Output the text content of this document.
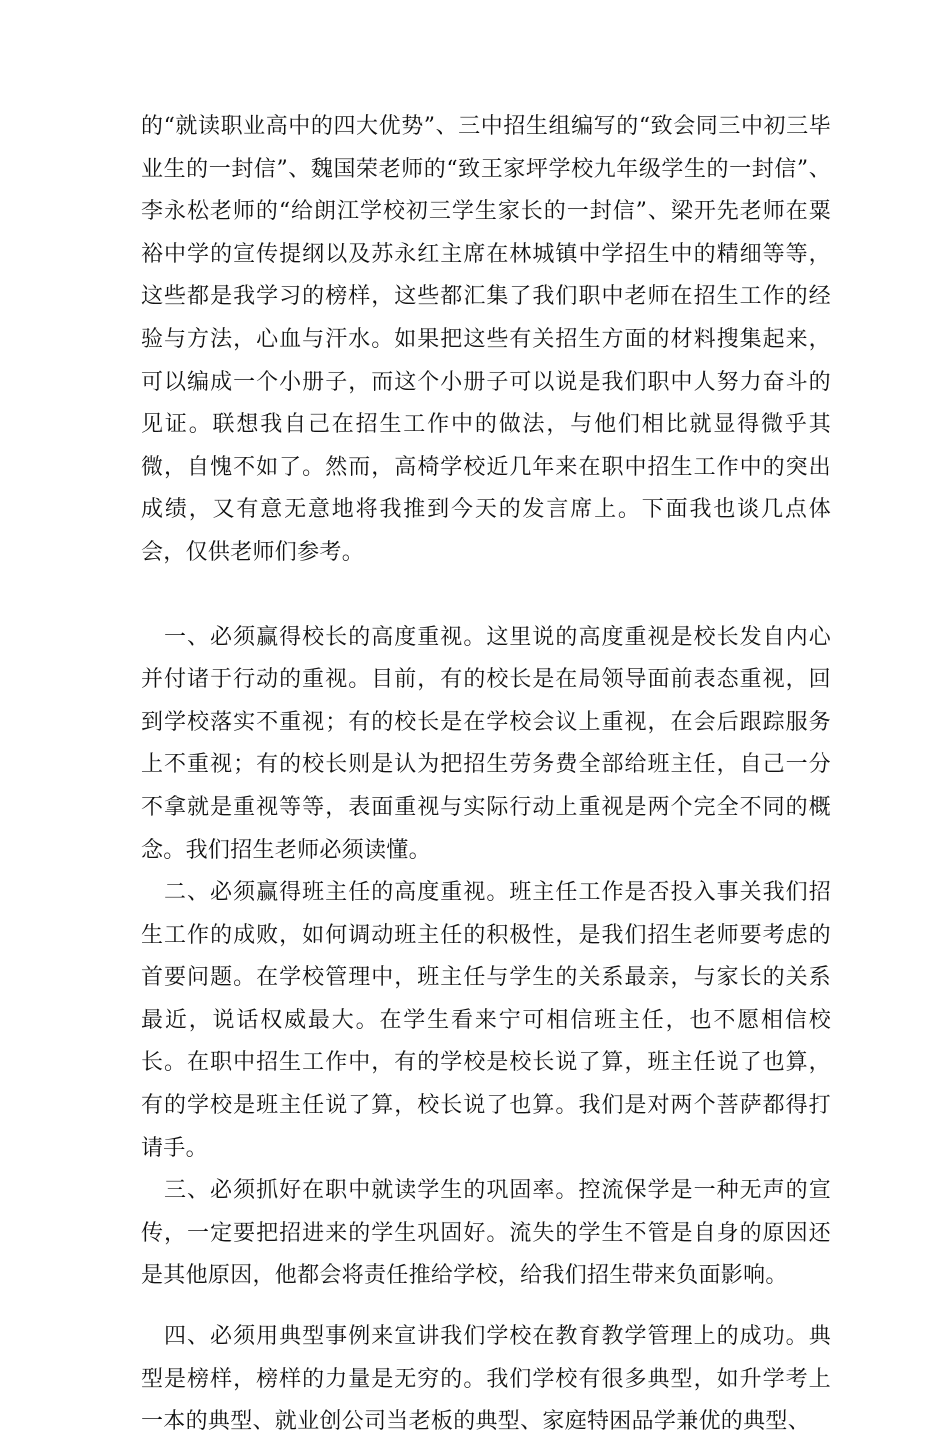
的“就读职业高中的四大优势”、三中招生组编写的“致会同三中初三毕业生的一封信”、魏国荣老师的“致王家坪学校九年级学生的一封信”、李永松老师的“给朗江学校初三学生家长的一封信”、梁开先老师在粟裕中学的宣传提纲以及苏永红主席在林城镇中学招生中的精细等等，这些都是我学习的榜样，这些都汇集了我们职中老师在招生工作的经验与方法，心血与汗水。如果把这些有关招生方面的材料搜集起来，可以编成一个小册子，而这个小册子可以说是我们职中人努力奋斗的见证。联想我自己在招生工作中的做法，与他们相比就显得微乎其微，自愧不如了。然而，高椅学校近几年来在职中招生工作中的突出成绩，又有意无意地将我推到今天的发言席上。下面我也谈几点体会，仅供老师们参考。

一、必须赢得校长的高度重视。这里说的高度重视是校长发自内心并付诸于行动的重视。目前，有的校长是在局领导面前表态重视，回到学校落实不重视；有的校长是在学校会议上重视，在会后跟踪服务上不重视；有的校长则是认为把招生劳务费全部给班主任，自己一分不拿就是重视等等，表面重视与实际行动上重视是两个完全不同的概念。我们招生老师必须读懂。

二、必须赢得班主任的高度重视。班主任工作是否投入事关我们招生工作的成败，如何调动班主任的积极性，是我们招生老师要考虑的首要问题。在学校管理中，班主任与学生的关系最亲，与家长的关系最近，说话权威最大。在学生看来宁可相信班主任，也不愿相信校长。在职中招生工作中，有的学校是校长说了算，班主任说了也算，有的学校是班主任说了算，校长说了也算。我们是对两个菩萨都得打请手。

三、必须抓好在职中就读学生的巩固率。控流保学是一种无声的宣传，一定要把招进来的学生巩固好。流失的学生不管是自身的原因还是其他原因，他都会将责任推给学校，给我们招生带来负面影响。

四、必须用典型事例来宣讲我们学校在教育教学管理上的成功。典型是榜样，榜样的力量是无穷的。我们学校有很多典型，如升学考上一本的典型、就业创公司当老板的典型、家庭特困品学兼优的典型、
